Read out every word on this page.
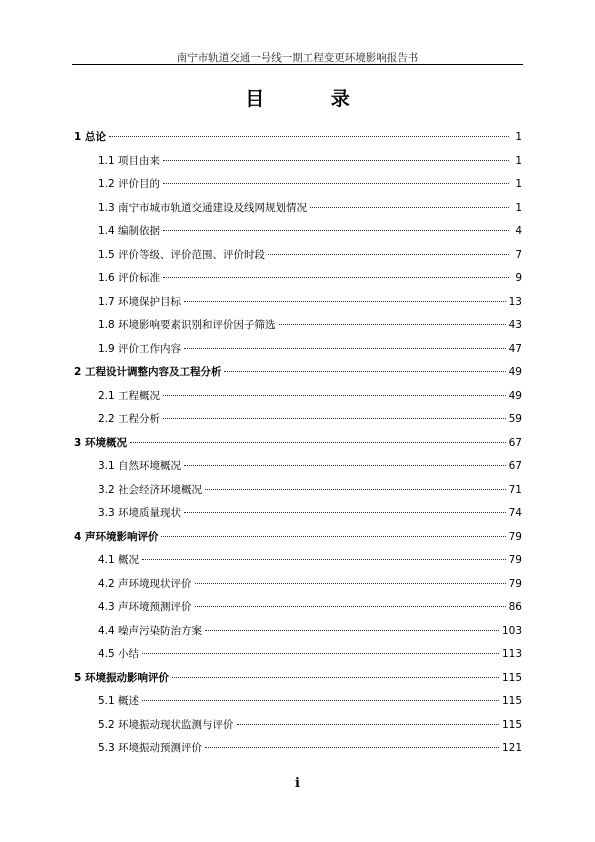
南宁市轨道交通一号线一期工程变更环境影响报告书
目 录
1 总论	1
1.1 项目由来	1
1.2 评价目的	1
1.3 南宁市城市轨道交通建设及线网规划情况	1
1.4 编制依据	4
1.5 评价等级、评价范围、评价时段	7
1.6 评价标准	9
1.7 环境保护目标	13
1.8 环境影响要素识别和评价因子筛选	43
1.9 评价工作内容	47
2 工程设计调整内容及工程分析	49
2.1 工程概况	49
2.2 工程分析	59
3 环境概况	67
3.1 自然环境概况	67
3.2 社会经济环境概况	71
3.3 环境质量现状	74
4 声环境影响评价	79
4.1 概况	79
4.2 声环境现状评价	79
4.3 声环境预测评价	86
4.4 噪声污染防治方案	103
4.5 小结	113
5 环境振动影响评价	115
5.1 概述	115
5.2 环境振动现状监测与评价	115
5.3 环境振动预测评价	121
i
